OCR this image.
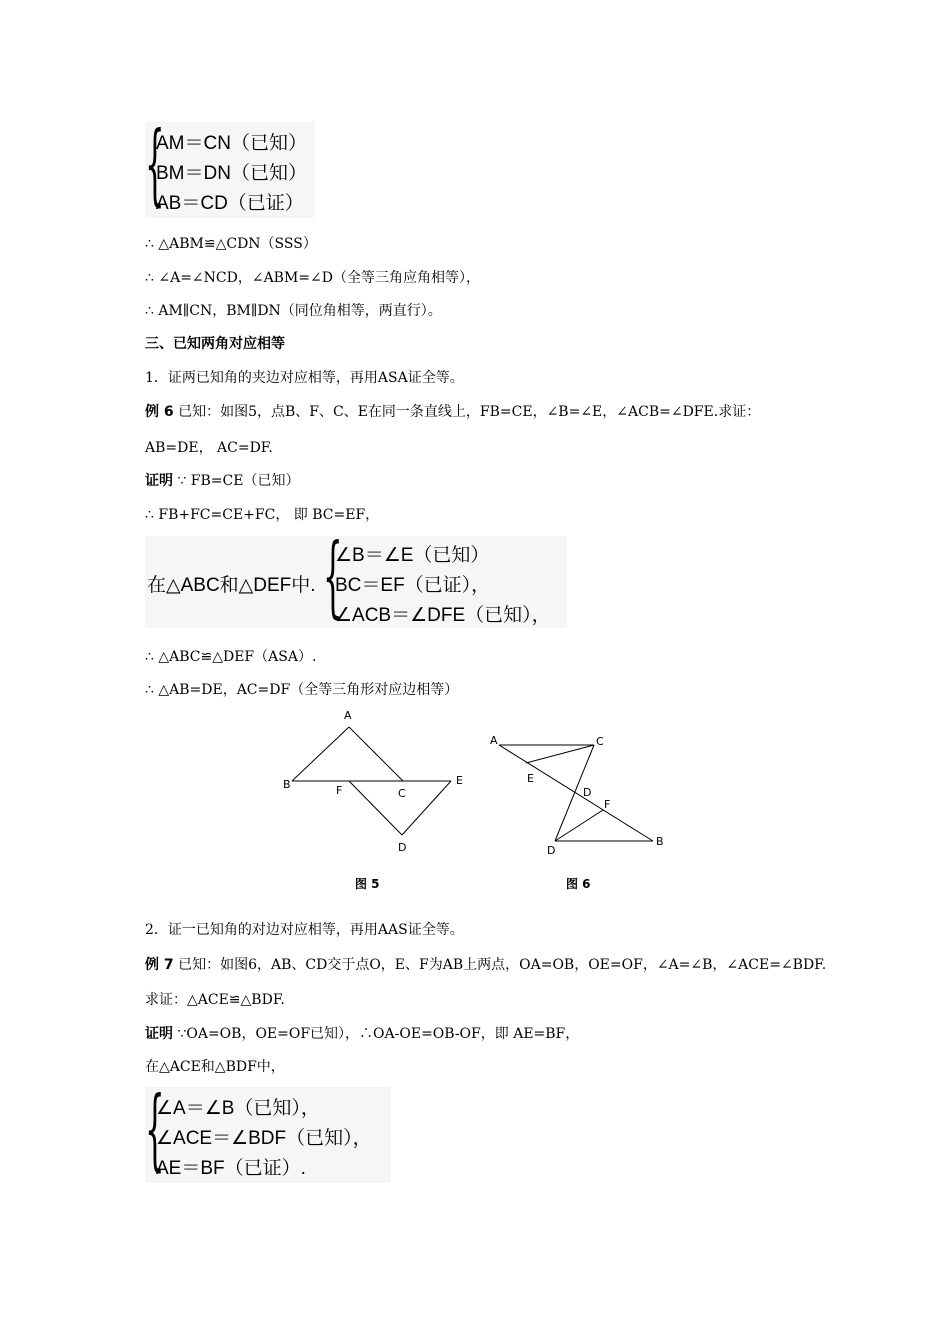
{
AM＝CN（已知）
BM＝DN（已知）
AB＝CD（已证）
∴ △ABM≌△CDN（SSS）
∴ ∠A=∠NCD，∠ABM=∠D（全等三角应角相等），
∴ AM∥CN，BM∥DN（同位角相等，两直行）。
三、已知两角对应相等
1．证两已知角的夹边对应相等，再用ASA证全等。
例 6 已知：如图5，点B、F、C、E在同一条直线上，FB=CE，∠B=∠E，∠ACB=∠DFE.求证：
AB=DE， AC=DF.
证明 ∵ FB=CE（已知）
∴ FB+FC=CE+FC， 即 BC=EF，
在△ABC和△DEF中. {
∠B＝∠E（已知）
BC＝EF（已证），
∠ACB＝∠DFE（已知），
∴ △ABC≌△DEF（ASA）.
∴ △AB=DE，AC=DF（全等三角形对应边相等）
A
B	F	C
E
D
图 5
A	C
E
D
F
D
B
图 6
2．证一已知角的对边对应相等，再用AAS证全等。
例 7 已知：如图6，AB、CD交于点O，E、F为AB上两点，OA=OB，OE=OF，∠A=∠B，∠ACE=∠BDF.
求证：△ACE≌△BDF.
证明 ∵OA=OB，OE=OF已知），∴OA-OE=OB-OF，即 AE=BF，
在△ACE和△BDF中，
{
∠A＝∠B（已知），
∠ACE＝∠BDF（已知），
AE＝BF（已证）.
